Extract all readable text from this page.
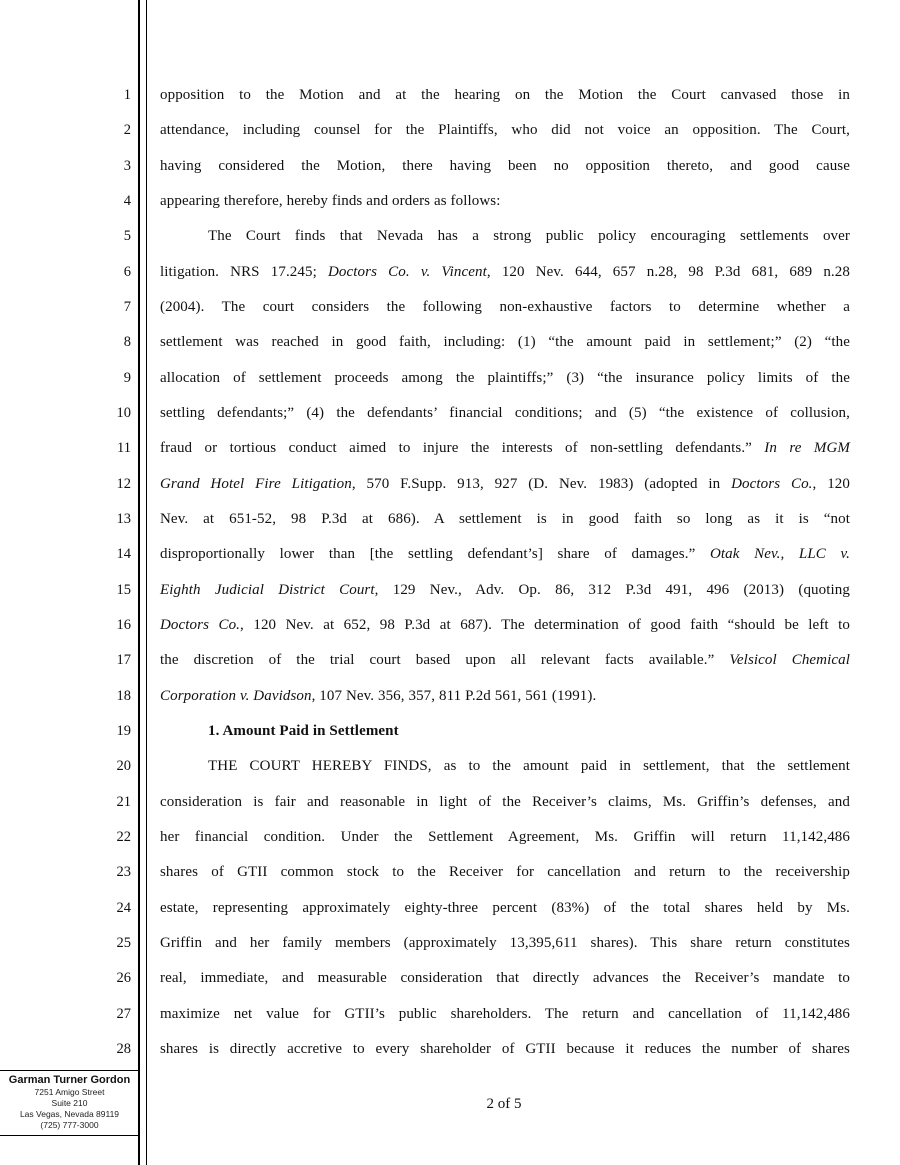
1 opposition to the Motion and at the hearing on the Motion the Court canvased those in
2 attendance, including counsel for the Plaintiffs, who did not voice an opposition. The Court,
3 having considered the Motion, there having been no opposition thereto, and good cause
4 appearing therefore, hereby finds and orders as follows:
5	The Court finds that Nevada has a strong public policy encouraging settlements over
6 litigation. NRS 17.245; Doctors Co. v. Vincent, 120 Nev. 644, 657 n.28, 98 P.3d 681, 689 n.28
7 (2004). The court considers the following non-exhaustive factors to determine whether a
8 settlement was reached in good faith, including: (1) “the amount paid in settlement;” (2) “the
9 allocation of settlement proceeds among the plaintiffs;” (3) “the insurance policy limits of the
10 settling defendants;” (4) the defendants’ financial conditions; and (5) “the existence of collusion,
11 fraud or tortious conduct aimed to injure the interests of non-settling defendants.” In re MGM
12 Grand Hotel Fire Litigation, 570 F.Supp. 913, 927 (D. Nev. 1983) (adopted in Doctors Co., 120
13 Nev. at 651-52, 98 P.3d at 686). A settlement is in good faith so long as it is “not
14 disproportionally lower than [the settling defendant’s] share of damages.” Otak Nev., LLC v.
15 Eighth Judicial District Court, 129 Nev., Adv. Op. 86, 312 P.3d 491, 496 (2013) (quoting
16 Doctors Co., 120 Nev. at 652, 98 P.3d at 687). The determination of good faith “should be left to
17 the discretion of the trial court based upon all relevant facts available.” Velsicol Chemical
18 Corporation v. Davidson, 107 Nev. 356, 357, 811 P.2d 561, 561 (1991).
19	1. Amount Paid in Settlement
20	THE COURT HEREBY FINDS, as to the amount paid in settlement, that the settlement
21 consideration is fair and reasonable in light of the Receiver’s claims, Ms. Griffin’s defenses, and
22 her financial condition. Under the Settlement Agreement, Ms. Griffin will return 11,142,486
23 shares of GTII common stock to the Receiver for cancellation and return to the receivership
24 estate, representing approximately eighty-three percent (83%) of the total shares held by Ms.
25 Griffin and her family members (approximately 13,395,611 shares). This share return constitutes
26 real, immediate, and measurable consideration that directly advances the Receiver’s mandate to
27 maximize net value for GTII’s public shareholders. The return and cancellation of 11,142,486
28 shares is directly accretive to every shareholder of GTII because it reduces the number of shares
Garman Turner Gordon
7251 Amigo Street
Suite 210
Las Vegas, Nevada 89119
(725) 777-3000
2 of 5
